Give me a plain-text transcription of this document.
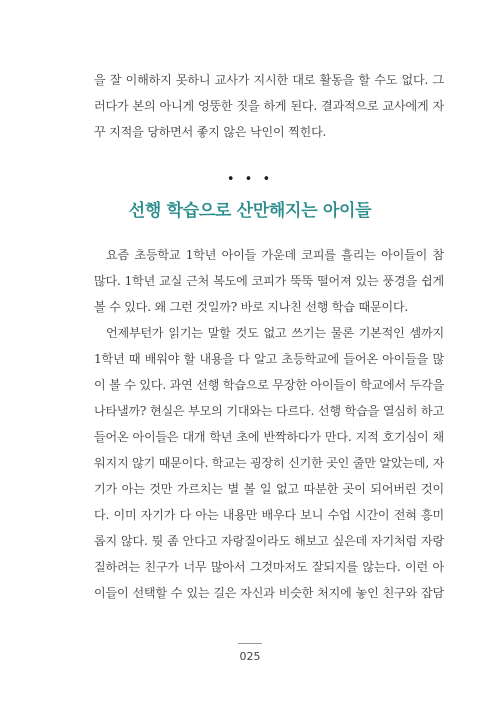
을 잘 이해하지 못하니 교사가 지시한 대로 활동을 할 수도 없다. 그
러다가 본의 아니게 엉뚱한 짓을 하게 된다. 결과적으로 교사에게 자
꾸 지적을 당하면서 좋지 않은 낙인이 찍힌다.
• • •
선행 학습으로 산만해지는 아이들
요즘 초등학교 1학년 아이들 가운데 코피를 흘리는 아이들이 참
많다. 1학년 교실 근처 복도에 코피가 뚝뚝 떨어져 있는 풍경을 쉽게
볼 수 있다. 왜 그런 것일까? 바로 지나친 선행 학습 때문이다.
언제부턴가 읽기는 말할 것도 없고 쓰기는 물론 기본적인 셈까지
1학년 때 배워야 할 내용을 다 알고 초등학교에 들어온 아이들을 많
이 볼 수 있다. 과연 선행 학습으로 무장한 아이들이 학교에서 두각을
나타낼까? 현실은 부모의 기대와는 다르다. 선행 학습을 열심히 하고
들어온 아이들은 대개 학년 초에 반짝하다가 만다. 지적 호기심이 채
워지지 않기 때문이다. 학교는 굉장히 신기한 곳인 줄만 알았는데, 자
기가 아는 것만 가르치는 별 볼 일 없고 따분한 곳이 되어버린 것이
다. 이미 자기가 다 아는 내용만 배우다 보니 수업 시간이 전혀 흥미
롭지 않다. 뭣 좀 안다고 자랑질이라도 해보고 싶은데 자기처럼 자랑
질하려는 친구가 너무 많아서 그것마저도 잘되지를 않는다. 이런 아
이들이 선택할 수 있는 길은 자신과 비슷한 처지에 놓인 친구와 잡담
025
